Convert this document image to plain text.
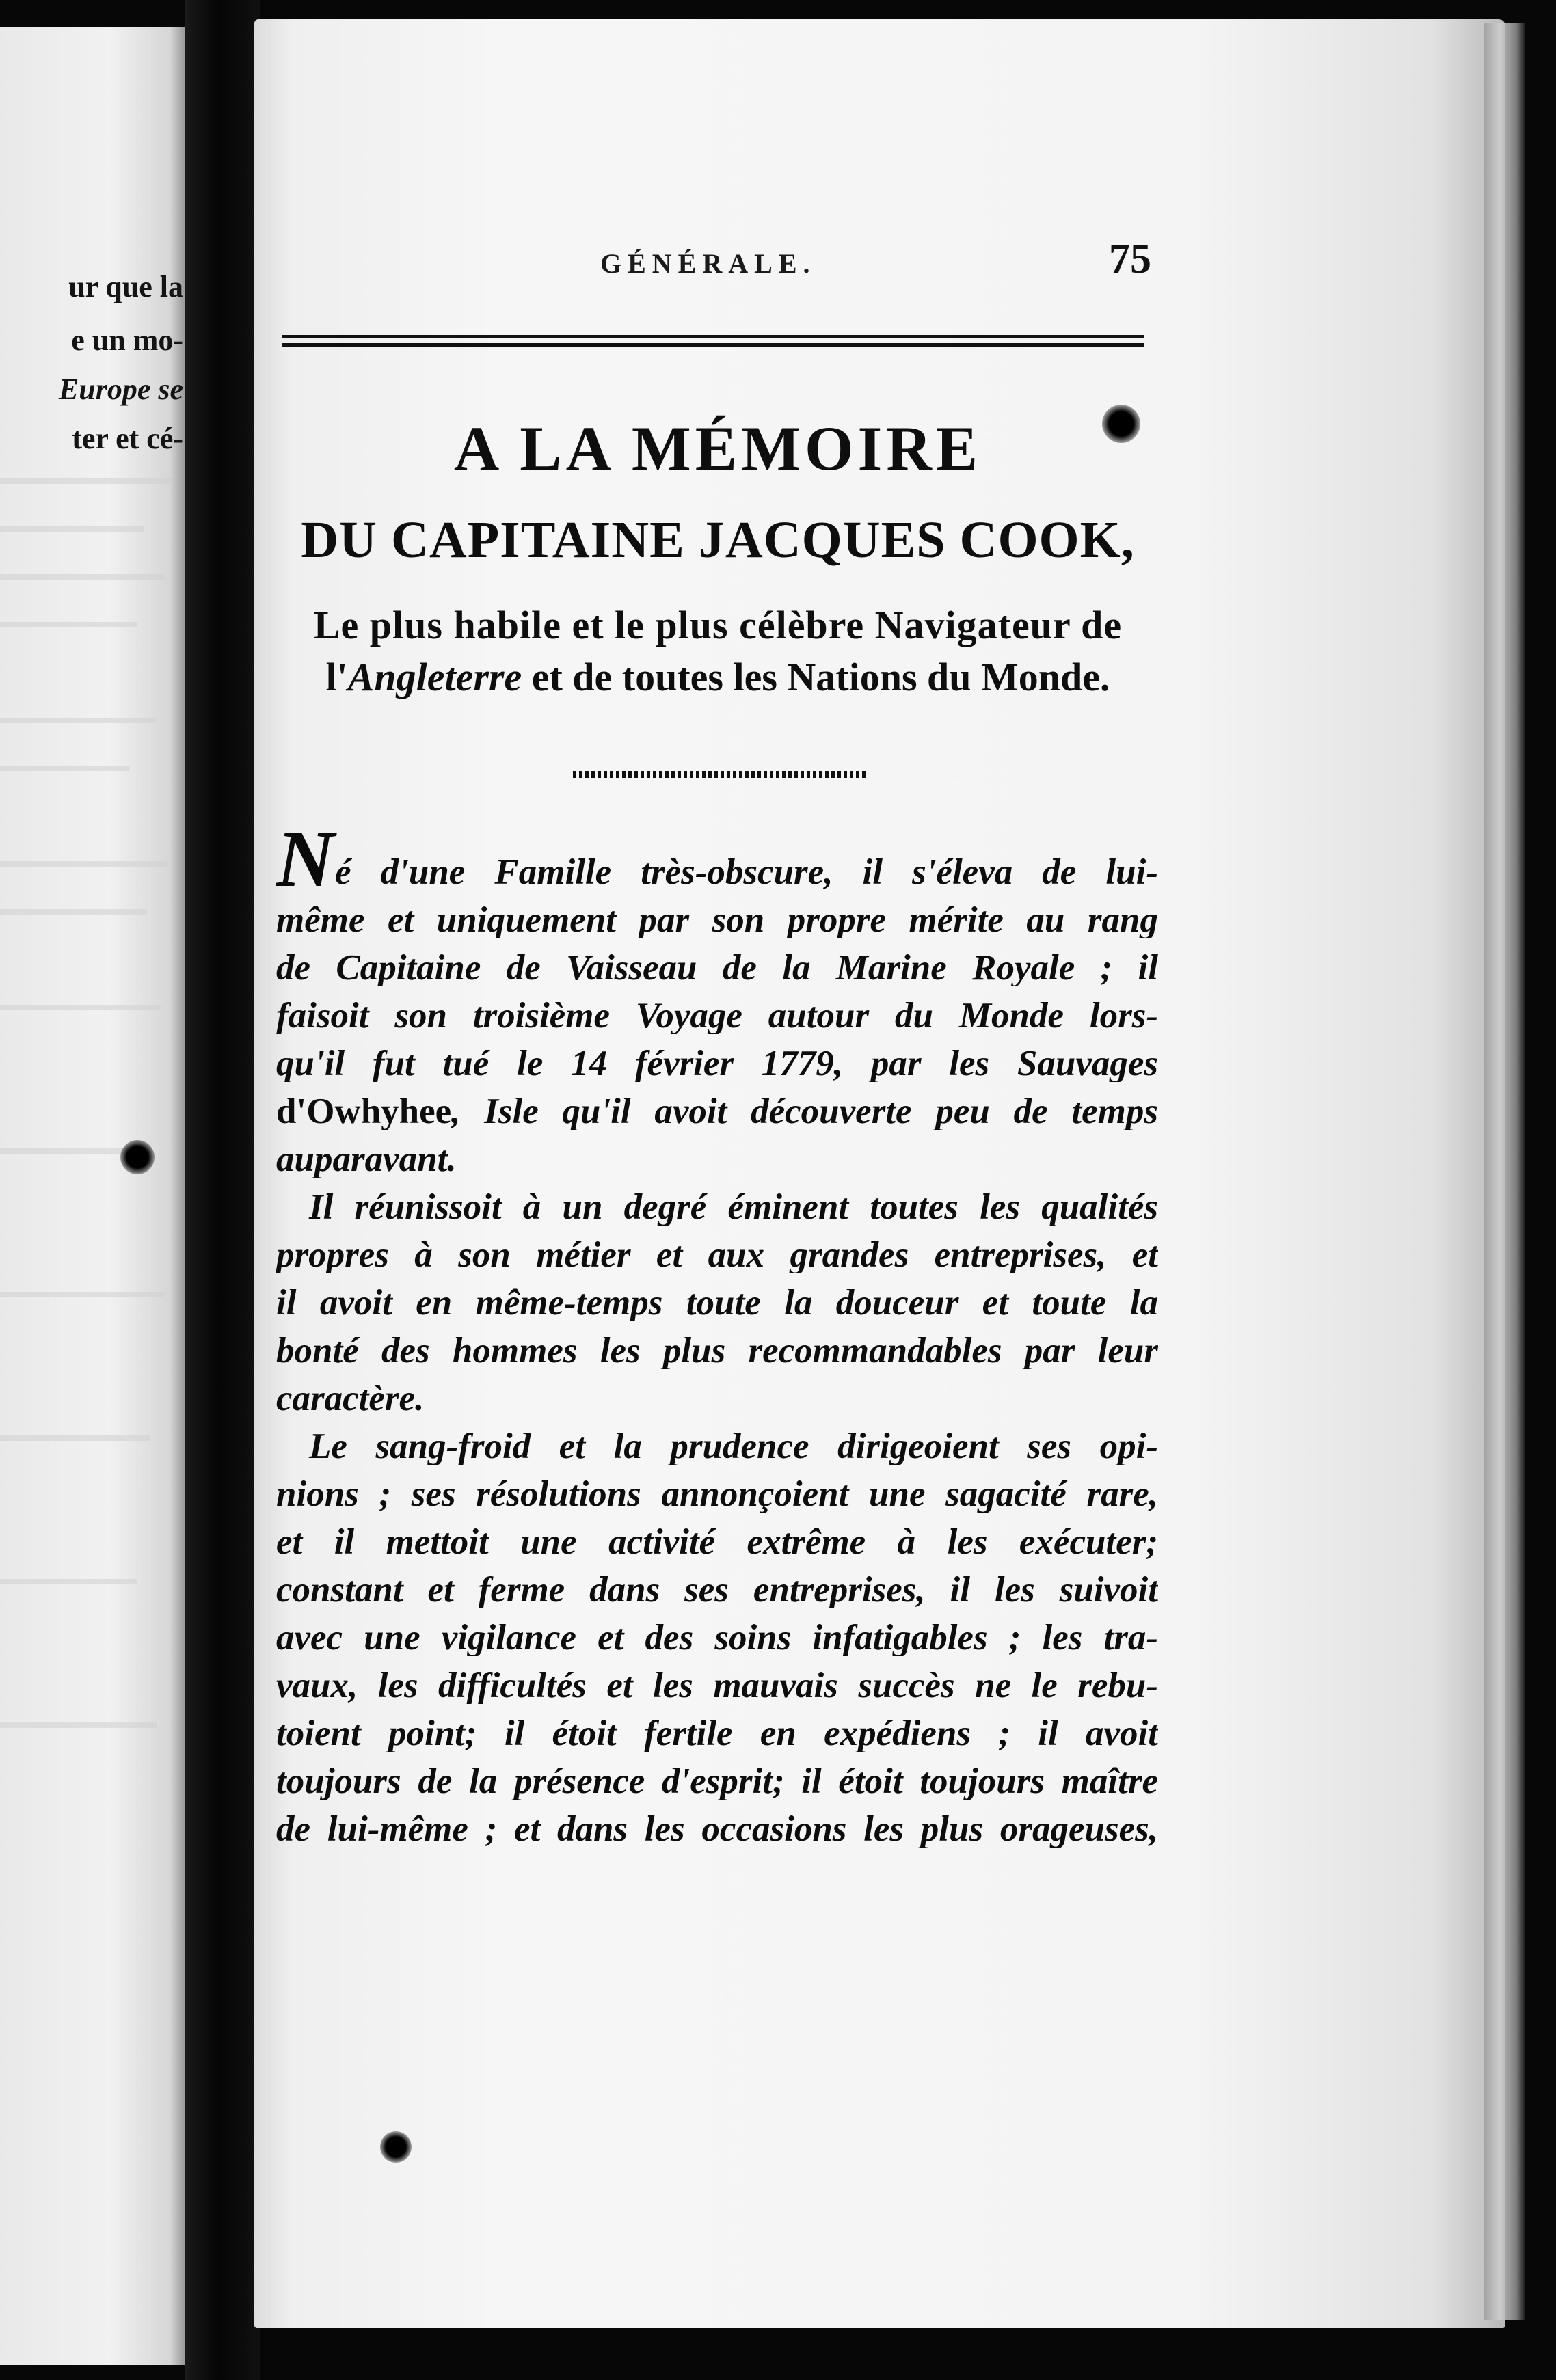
ur que la
e un mo-
Europe se
ter et cé-
GÉNÉRALE.	75
A LA MÉMOIRE
DU CAPITAINE JACQUES COOK,
Le plus habile et le plus célèbre Navigateur de
l'Angleterre et de toutes les Nations du Monde.
N é d'une Famille très-obscure, il s'éleva de lui-
même et uniquement par son propre mérite au rang
de Capitaine de Vaisseau de la Marine Royale ; il
faisoit son troisième Voyage autour du Monde lors-
qu'il fut tué le 14 février 1779, par les Sauvages
d'Owhyhee, Isle qu'il avoit découverte peu de temps
auparavant.
Il réunissoit à un degré éminent toutes les qualités
propres à son métier et aux grandes entreprises, et
il avoit en même-temps toute la douceur et toute la
bonté des hommes les plus recommandables par leur
caractère.
Le sang-froid et la prudence dirigeoient ses opi-
nions ; ses résolutions annonçoient une sagacité rare,
et il mettoit une activité extrême à les exécuter;
constant et ferme dans ses entreprises, il les suivoit
avec une vigilance et des soins infatigables ; les tra-
vaux, les difficultés et les mauvais succès ne le rebu-
toient point; il étoit fertile en expédiens ; il avoit
toujours de la présence d'esprit; il étoit toujours maître
de lui-même ; et dans les occasions les plus orageuses,
